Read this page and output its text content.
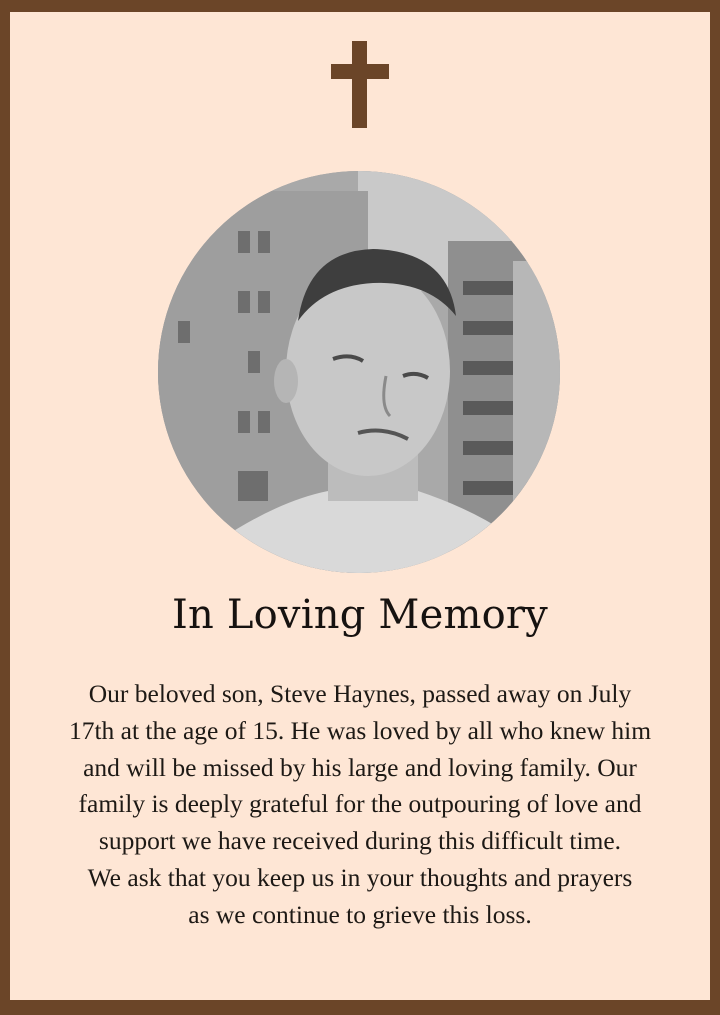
In Loving Memory
Our beloved son, Steve Haynes, passed away on July
17th at the age of 15. He was loved by all who knew him
and will be missed by his large and loving family. Our
family is deeply grateful for the outpouring of love and
support we have received during this difficult time.
We ask that you keep us in your thoughts and prayers
as we continue to grieve this loss.
